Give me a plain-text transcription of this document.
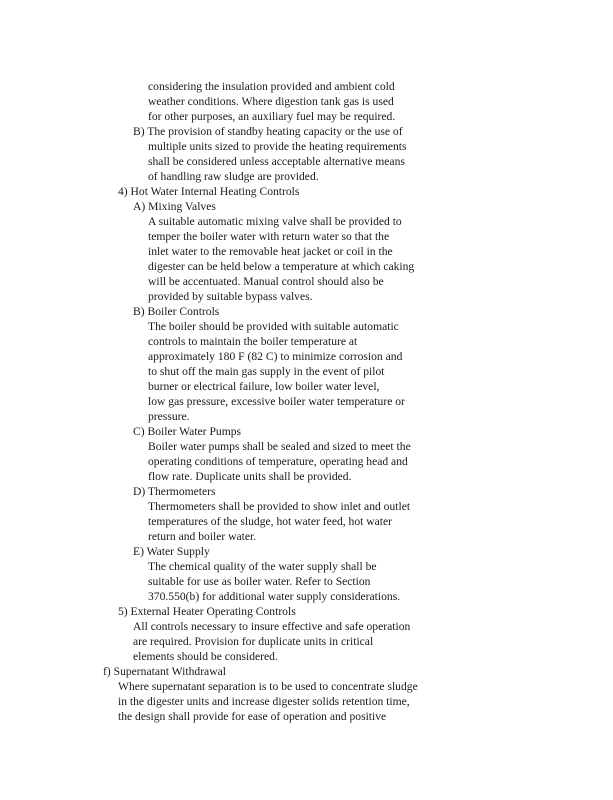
considering the insulation provided and ambient cold
weather conditions. Where digestion tank gas is used
for other purposes, an auxiliary fuel may be required.
B) The provision of standby heating capacity or the use of
multiple units sized to provide the heating requirements
shall be considered unless acceptable alternative means
of handling raw sludge are provided.
4) Hot Water Internal Heating Controls
A) Mixing Valves
A suitable automatic mixing valve shall be provided to
temper the boiler water with return water so that the
inlet water to the removable heat jacket or coil in the
digester can be held below a temperature at which caking
will be accentuated. Manual control should also be
provided by suitable bypass valves.
B) Boiler Controls
The boiler should be provided with suitable automatic
controls to maintain the boiler temperature at
approximately 180 F (82 C) to minimize corrosion and
to shut off the main gas supply in the event of pilot
burner or electrical failure, low boiler water level,
low gas pressure, excessive boiler water temperature or
pressure.
C) Boiler Water Pumps
Boiler water pumps shall be sealed and sized to meet the
operating conditions of temperature, operating head and
flow rate. Duplicate units shall be provided.
D) Thermometers
Thermometers shall be provided to show inlet and outlet
temperatures of the sludge, hot water feed, hot water
return and boiler water.
E) Water Supply
The chemical quality of the water supply shall be
suitable for use as boiler water. Refer to Section
370.550(b) for additional water supply considerations.
5) External Heater Operating Controls
All controls necessary to insure effective and safe operation
are required. Provision for duplicate units in critical
elements should be considered.
f) Supernatant Withdrawal
Where supernatant separation is to be used to concentrate sludge
in the digester units and increase digester solids retention time,
the design shall provide for ease of operation and positive
